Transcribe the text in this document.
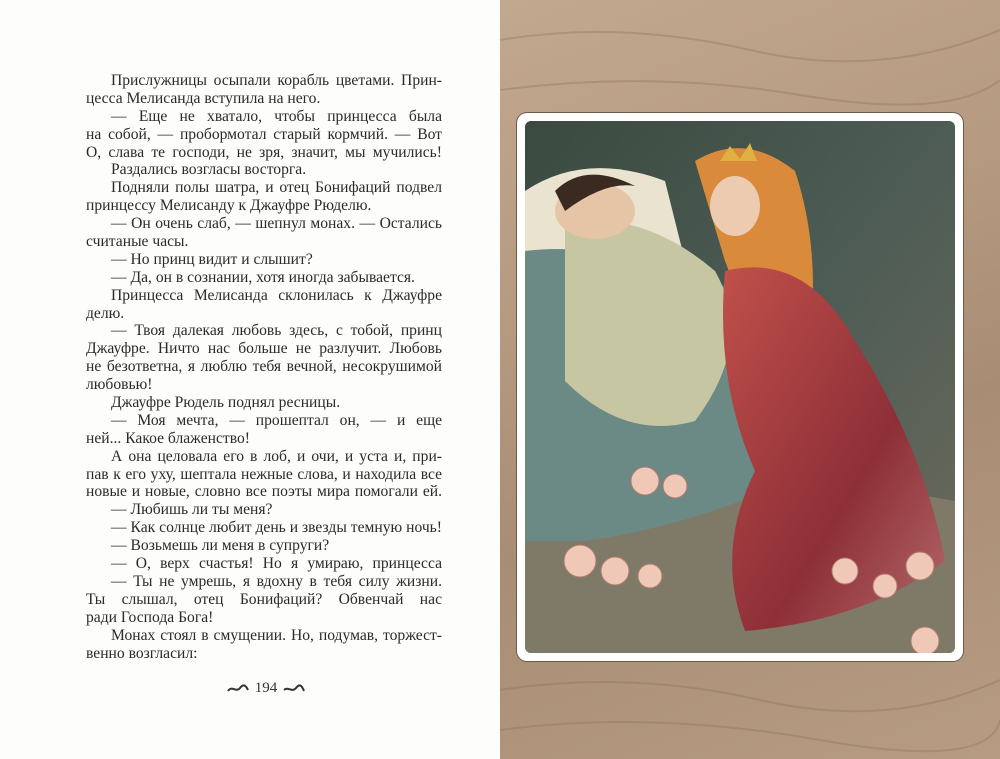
Прислужницы осыпали корабль цветами. Прин-
цесса Мелисанда вступила на него.
— Еще не хватало, чтобы принцесса была
на собой, — пробормотал старый кормчий. — Вот
О, слава те господи, не зря, значит, мы мучились!
Раздались возгласы восторга.
Подняли полы шатра, и отец Бонифаций подвел
принцессу Мелисанду к Джауфре Рюделю.
— Он очень слаб, — шепнул монах. — Остались
считаные часы.
— Но принц видит и слышит?
— Да, он в сознании, хотя иногда забывается.
Принцесса Мелисанда склонилась к Джауфре
делю.
— Твоя далекая любовь здесь, с тобой, принц
Джауфре. Ничто нас больше не разлучит. Любовь
не безответна, я люблю тебя вечной, несокрушимой
любовью!
Джауфре Рюдель поднял ресницы.
— Моя мечта, — прошептал он, — и еще
ней... Какое блаженство!
А она целовала его в лоб, и очи, и уста и, при-
пав к его уху, шептала нежные слова, и находила все
новые и новые, словно все поэты мира помогали ей.
— Любишь ли ты меня?
— Как солнце любит день и звезды темную ночь!
— Возьмешь ли меня в супруги?
— О, верх счастья! Но я умираю, принцесса
— Ты не умрешь, я вдохну в тебя силу жизни.
Ты слышал, отец Бонифаций? Обвенчай нас
ради Господа Бога!
Монах стоял в смущении. Но, подумав, торжест-
венно возгласил:
194
